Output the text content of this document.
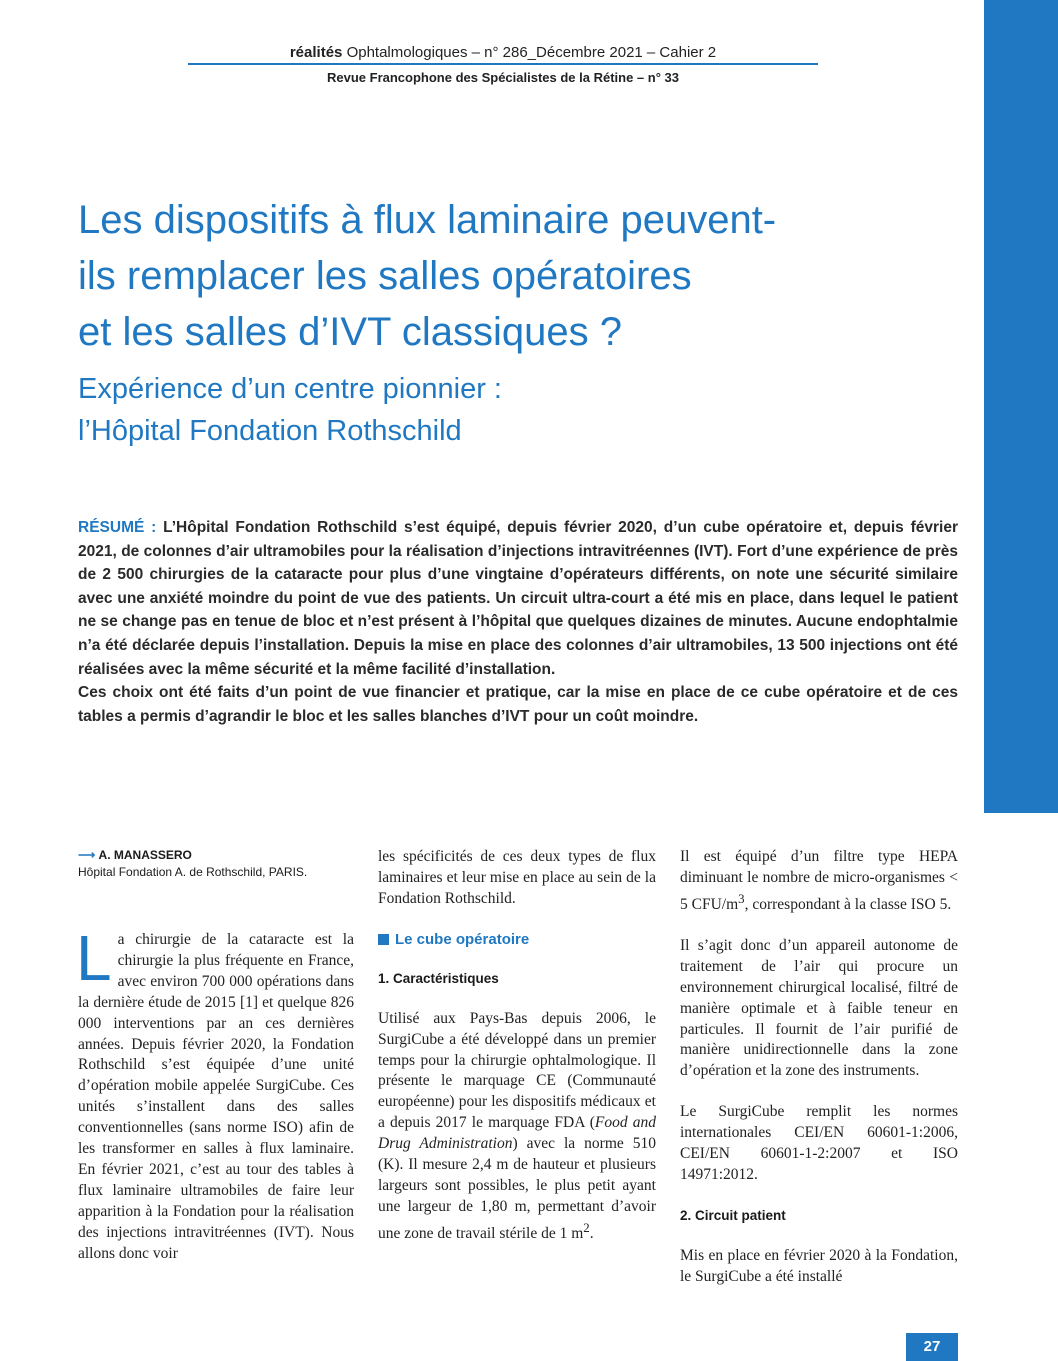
réalités Ophtalmologiques – n° 286_Décembre 2021 – Cahier 2
Revue Francophone des Spécialistes de la Rétine – n° 33
Les dispositifs à flux laminaire peuvent-
ils remplacer les salles opératoires
et les salles d’IVT classiques ?
Expérience d’un centre pionnier :
l’Hôpital Fondation Rothschild

RÉSUMÉ : L’Hôpital Fondation Rothschild s’est équipé, depuis février 2020, d’un cube opératoire et, depuis février 2021, de colonnes d’air ultramobiles pour la réalisation d’injections intravitréennes (IVT). Fort d’une expérience de près de 2 500 chirurgies de la cataracte pour plus d’une vingtaine d’opérateurs différents, on note une sécurité similaire avec une anxiété moindre du point de vue des patients. Un circuit ultra-court a été mis en place, dans lequel le patient ne se change pas en tenue de bloc et n’est présent à l’hôpital que quelques dizaines de minutes. Aucune endophtalmie n’a été déclarée depuis l’installation. Depuis la mise en place des colonnes d’air ultramobiles, 13 500 injections ont été réalisées avec la même sécurité et la même facilité d’installation.

Ces choix ont été faits d’un point de vue financier et pratique, car la mise en place de ce cube opératoire et de ces tables a permis d’agrandir le bloc et les salles blanches d’IVT pour un coût moindre.

⟶ A. MANASSERO
Hôpital Fondation A. de Rothschild, PARIS.

La chirurgie de la cataracte est la chirurgie la plus fréquente en France, avec environ 700 000 opérations dans la dernière étude de 2015 [1] et quelque 826 000 interventions par an ces dernières années. Depuis février 2020, la Fondation Rothschild s’est équipée d’une unité d’opération mobile appelée SurgiCube. Ces unités s’installent dans des salles conventionnelles (sans norme ISO) afin de les transformer en salles à flux laminaire. En février 2021, c’est au tour des tables à flux laminaire ultramobiles de faire leur apparition à la Fondation pour la réalisation des injections intravitréennes (IVT). Nous allons donc voir

les spécificités de ces deux types de flux laminaires et leur mise en place au sein de la Fondation Rothschild.

Le cube opératoire
1. Caractéristiques

Utilisé aux Pays-Bas depuis 2006, le SurgiCube a été développé dans un premier temps pour la chirurgie ophtalmologique. Il présente le marquage CE (Communauté européenne) pour les dispositifs médicaux et a depuis 2017 le marquage FDA (Food and Drug Administration) avec la norme 510 (K). Il mesure 2,4 m de hauteur et plusieurs largeurs sont possibles, le plus petit ayant une largeur de 1,80 m, permettant d’avoir une zone de travail stérile de 1 $m^2$.

Il est équipé d’un filtre type HEPA diminuant le nombre de micro-organismes < 5 CFU/$m^3$, correspondant à la classe ISO 5.

Il s’agit donc d’un appareil autonome de traitement de l’air qui procure un environnement chirurgical localisé, filtré de manière optimale et à faible teneur en particules. Il fournit de l’air purifié de manière unidirectionnelle dans la zone d’opération et la zone des instruments.

Le SurgiCube remplit les normes internationales CEI/EN 60601-1:2006, CEI/EN 60601-1-2:2007 et ISO 14971:2012.

2. Circuit patient

Mis en place en février 2020 à la Fondation, le SurgiCube a été installé

27
